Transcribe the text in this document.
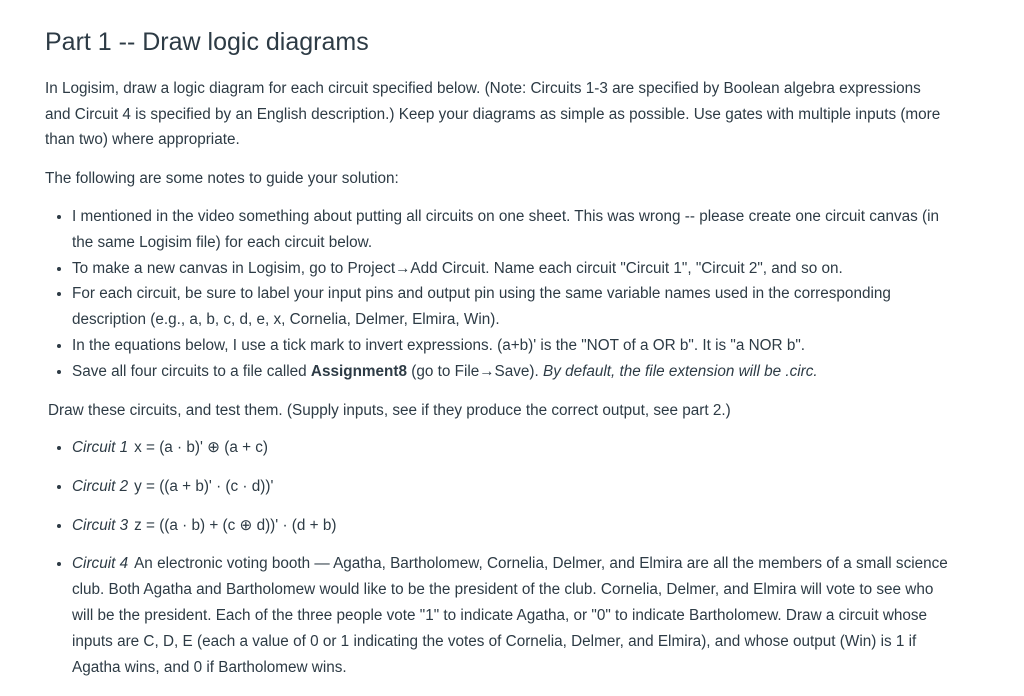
Part 1 -- Draw logic diagrams

In Logisim, draw a logic diagram for each circuit specified below. (Note: Circuits 1-3 are specified by Boolean algebra expressions and Circuit 4 is specified by an English description.) Keep your diagrams as simple as possible. Use gates with multiple inputs (more than two) where appropriate.

The following are some notes to guide your solution:

• I mentioned in the video something about putting all circuits on one sheet. This was wrong -- please create one circuit canvas (in the same Logisim file) for each circuit below.
• To make a new canvas in Logisim, go to Project→Add Circuit. Name each circuit "Circuit 1", "Circuit 2", and so on.
• For each circuit, be sure to label your input pins and output pin using the same variable names used in the corresponding description (e.g., a, b, c, d, e, x, Cornelia, Delmer, Elmira, Win).
• In the equations below, I use a tick mark to invert expressions. (a+b)' is the "NOT of a OR b". It is "a NOR b".
• Save all four circuits to a file called Assignment8 (go to File→Save). By default, the file extension will be .circ.

Draw these circuits, and test them. (Supply inputs, see if they produce the correct output, see part 2.)

• Circuit 1 x = (a · b)' ⊕ (a + c)
• Circuit 2 y = ((a + b)' · (c · d))'
• Circuit 3 z = ((a · b) + (c ⊕ d))' · (d + b)
• Circuit 4 An electronic voting booth — Agatha, Bartholomew, Cornelia, Delmer, and Elmira are all the members of a small science club. Both Agatha and Bartholomew would like to be the president of the club. Cornelia, Delmer, and Elmira will vote to see who will be the president. Each of the three people vote "1" to indicate Agatha, or "0" to indicate Bartholomew. Draw a circuit whose inputs are C, D, E (each a value of 0 or 1 indicating the votes of Cornelia, Delmer, and Elmira), and whose output (Win) is 1 if Agatha wins, and 0 if Bartholomew wins.
